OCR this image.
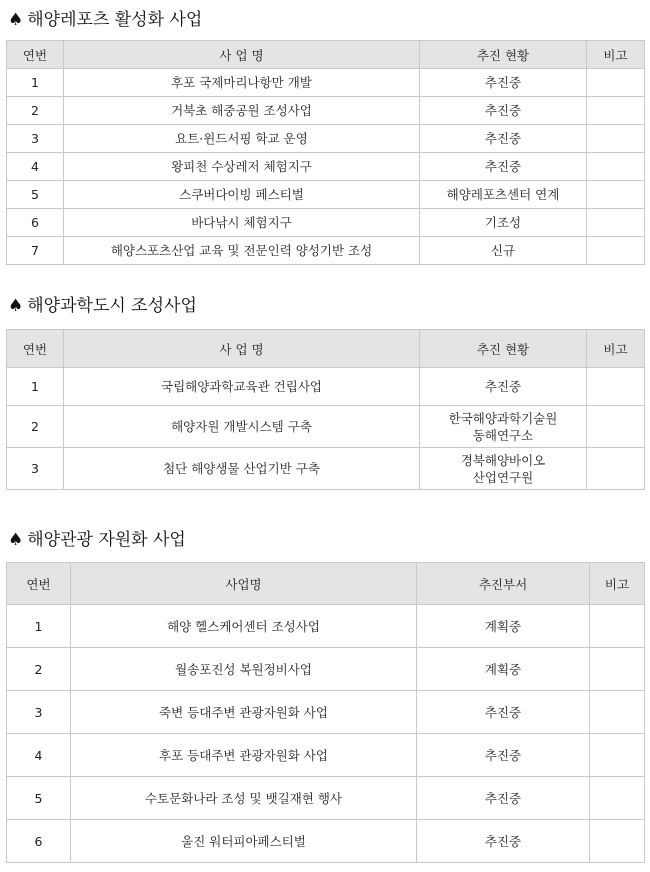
♠ 해양레포츠 활성화 사업
연번	사 업 명	추진 현황	비고
1	후포 국제마리나항만 개발	추진중	
2	거북초 해중공원 조성사업	추진중	
3	요트·윈드서핑 학교 운영	추진중	
4	왕피천 수상레저 체험지구	추진중	
5	스쿠버다이빙 페스티벌	해양레포츠센터 연계	
6	바다낚시 체험지구	기조성	
7	해양스포츠산업 교육 및 전문인력 양성기반 조성	신규	
♠ 해양과학도시 조성사업
연번	사 업 명	추진 현황	비고
1	국립해양과학교육관 건립사업	추진중	

2	해양자원 개발시스템 구축	한국해양과학기술원
동해연구소	

3	첨단 해양생물 산업기반 구축	경북해양바이오
산업연구원	

♠ 해양관광 자원화 사업
연번	사업명	추진부서	비고
1	해양 헬스케어센터 조성사업	계획중	
2	월송포진성 복원정비사업	계획중	
3	죽변 등대주변 관광자원화 사업	추진중	
4	후포 등대주변 관광자원화 사업	추진중	
5	수토문화나라 조성 및 뱃길재현 행사	추진중	
6	울진 워터피아페스티벌	추진중	
